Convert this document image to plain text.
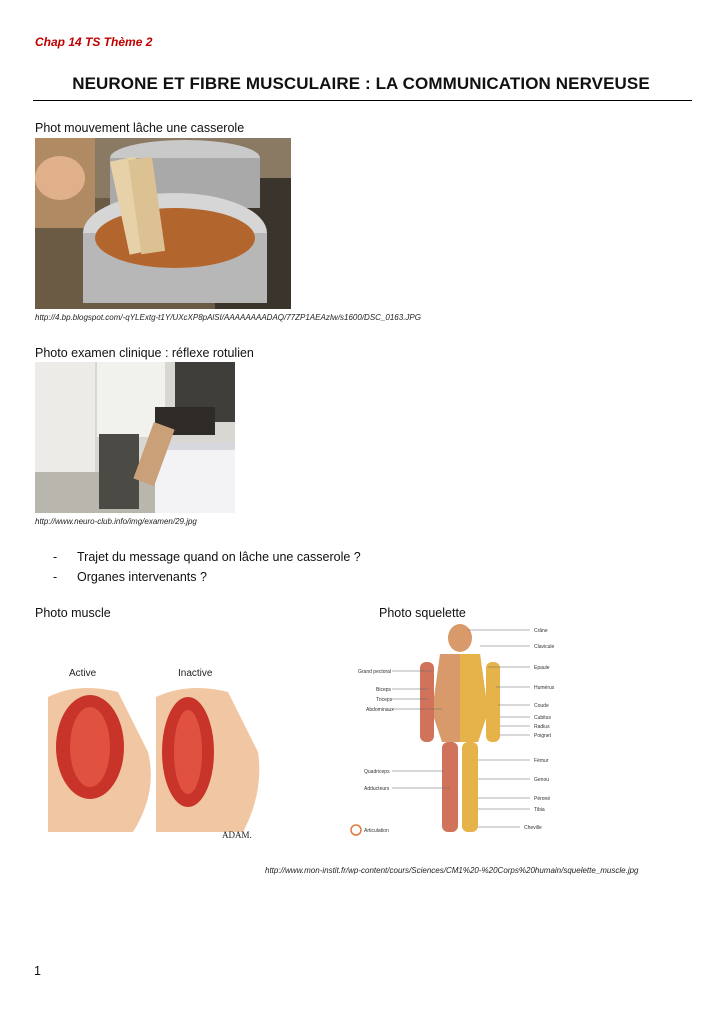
Chap 14 TS Thème 2
NEURONE ET FIBRE MUSCULAIRE : LA COMMUNICATION NERVEUSE
Phot mouvement lâche une casserole
http://4.bp.blogspot.com/-qYLExtg-t1Y/UXcXP8pAlSI/AAAAAAAADAQ/77ZP1AEAzIw/s1600/DSC_0163.JPG
Photo examen clinique : réflexe rotulien
http://www.neuro-club.info/img/examen/29.jpg
- Trajet du message quand on lâche une casserole ?
- Organes intervenants ?
Photo muscle
Active	Inactive
ADAM.
Photo squelette
Grand pectoral
Biceps
Triceps
Abdominaux
Quadriceps
Adducteurs
Crâne
Clavicule
Epaule
Humérus
Coude
Cubitus
Radius
Poignet
Fémur
Genou
Péroné
Tibia
Cheville
Articulation
http://www.mon-instit.fr/wp-content/cours/Sciences/CM1%20-%20Corps%20humain/squelette_muscle.jpg
1
